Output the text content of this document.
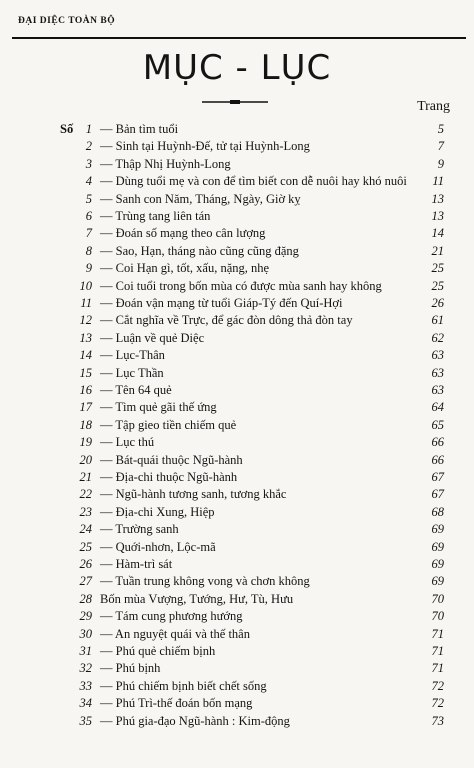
ĐẠI DIỆC TOÀN BỘ
MỤC - LỤC
Trang
Số	1 — Bản tìm tuổi	5
2 — Sinh tại Huỳnh-Đế, tử tại Huỳnh-Long	7
3 — Thập Nhị Huỳnh-Long	9
4 — Dùng tuổi mẹ và con để tìm biết con dễ nuôi hay khó nuôi	11
5 — Sanh con Năm, Tháng, Ngày, Giờ kỵ	13
6 — Trùng tang liên tán	13
7 — Đoán số mạng theo cân lượng	14
8 — Sao, Hạn, tháng nào cũng cũng đặng	21
9 — Coi Hạn gì, tốt, xấu, nặng, nhẹ	25
10 — Coi tuổi trong bốn mùa có được mùa sanh hay không	25
11 — Đoán vận mạng từ tuổi Giáp-Tý đến Quí-Hợi	26
12 — Cắt nghĩa về Trực, để gác đòn dông thả đòn tay	61
13 — Luận về quẻ Diệc	62
14 — Lục-Thân	63
15 — Lục Thần	63
16 — Tên 64 quẻ	63
17 — Tìm quẻ gãi thế ứng	64
18 — Tập gieo tiền chiếm quẻ	65
19 — Lục thú	66
20 — Bát-quái thuộc Ngũ-hành	66
21 — Địa-chi thuộc Ngũ-hành	67
22 — Ngũ-hành tương sanh, tương khắc	67
23 — Địa-chi Xung, Hiệp	68
24 — Trường sanh	69
25 — Quới-nhơn, Lộc-mã	69
26 — Hàm-trì sát	69
27 — Tuần trung không vong và chơn không	69
28 Bốn mùa Vượng, Tướng, Hư, Tù, Hưu	70
29 — Tám cung phương hướng	70
30 — An nguyệt quái và thế thân	71
31 — Phú quẻ chiếm bịnh	71
32 — Phú bịnh	71
33 — Phú chiếm bịnh biết chết sống	72
34 — Phú Trì-thế đoán bốn mạng	72
35 — Phú gia-đạo Ngũ-hành : Kim-động	73
